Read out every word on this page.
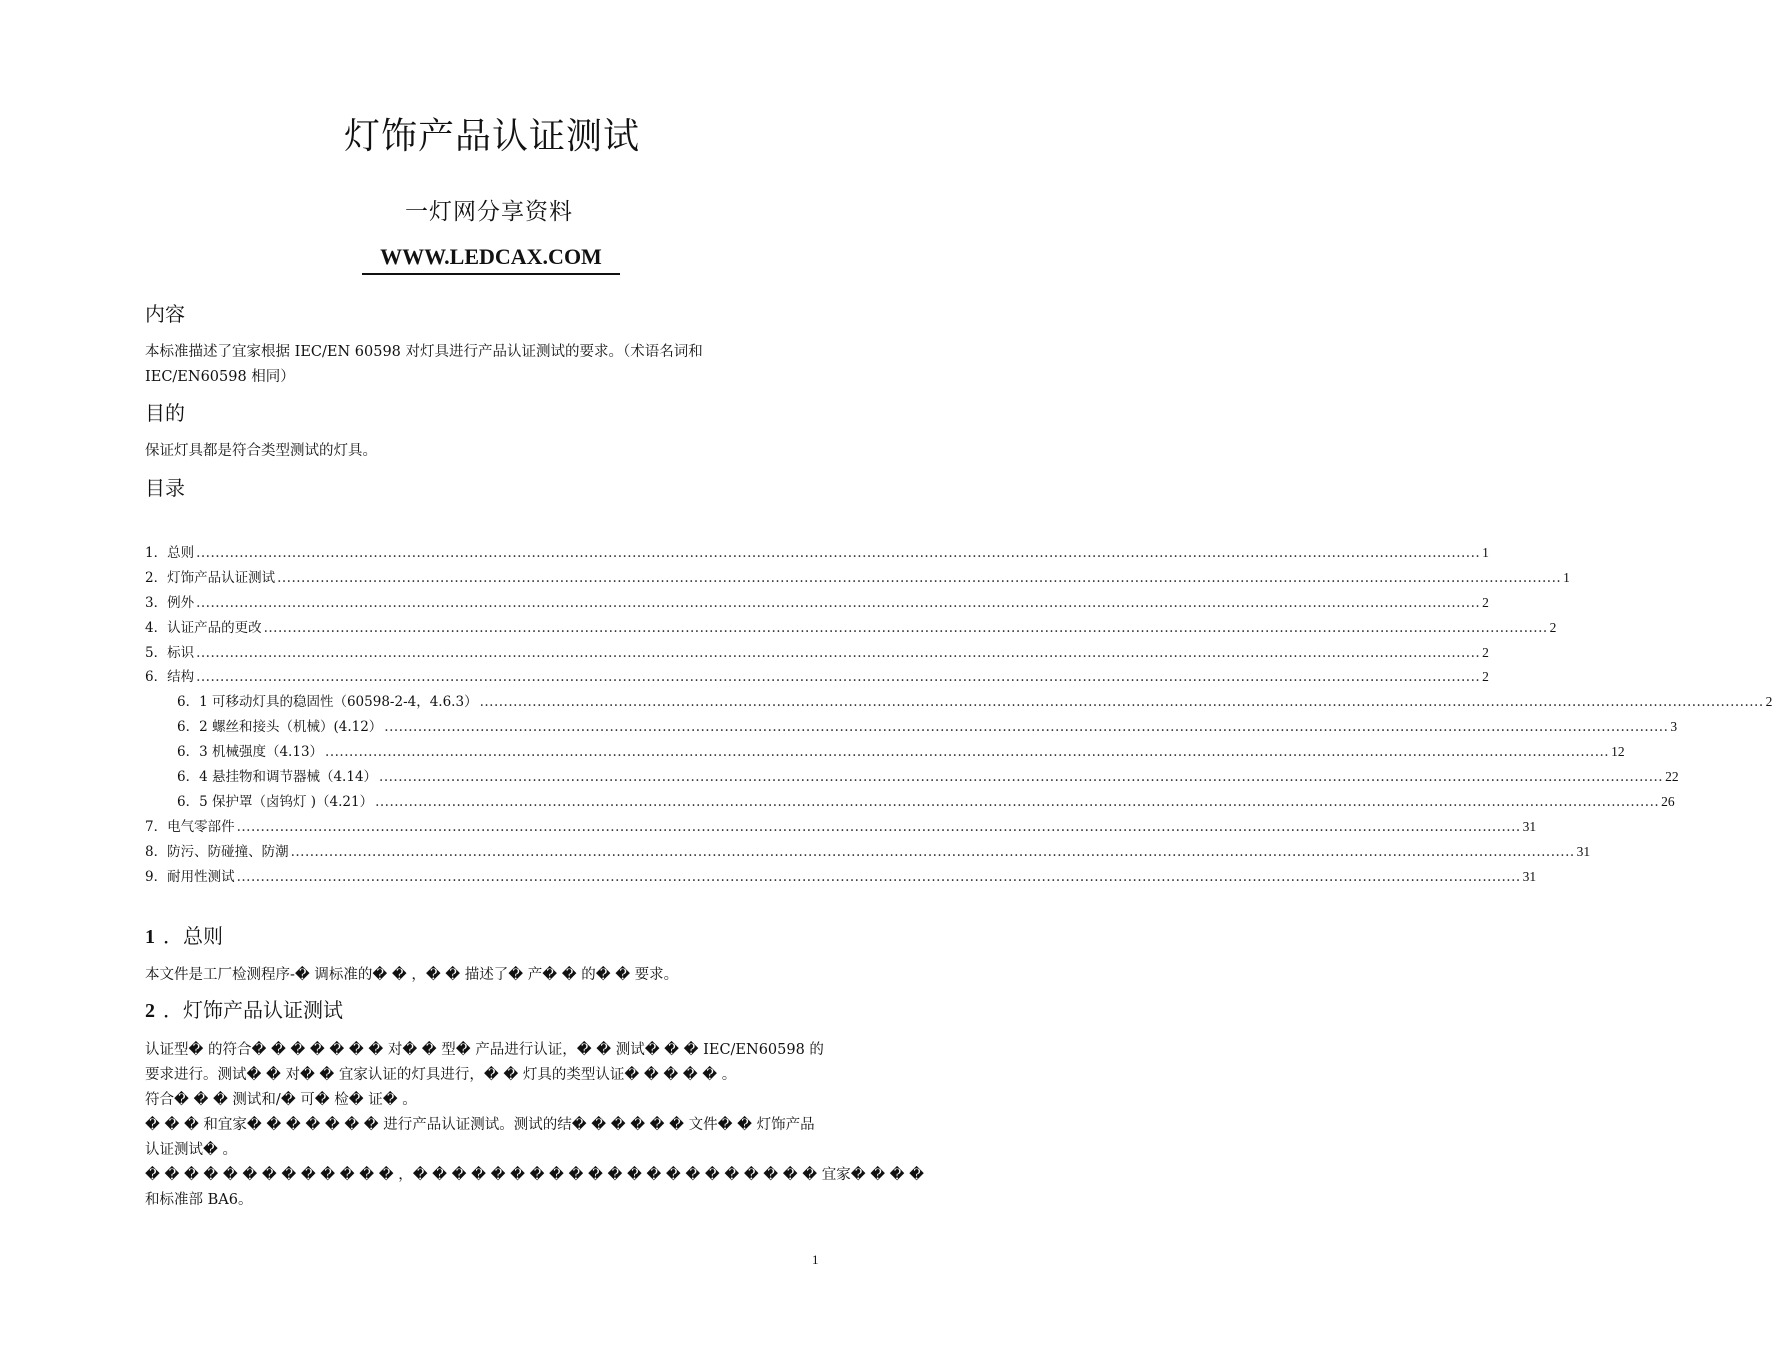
灯饰产品认证测试
一灯网分享资料
WWW.LEDCAX.COM
内容
本标准描述了宜家根据 IEC/EN 60598 对灯具进行产品认证测试的要求。（术语名词和
IEC/EN60598 相同）
目的
保证灯具都是符合类型测试的灯具。
目录
1．总则 .....	1
2．灯饰产品认证测试 .....	1
3．例外 .....	2
4．认证产品的更改 .....	2
5．标识 .....	2
6．结构 .....	2
6．1 可移动灯具的稳固性（60598-2-4，4.6.3） .....	2
6．2 螺丝和接头（机械）(4.12） .....	3
6．3 机械强度（4.13） .....	12
6．4 悬挂物和调节器械（4.14） .....	22
6．5 保护罩（卤钨灯 )（4.21） .....	26
7．电气零部件 .....	31
8．防污、防碰撞、防潮 .....	31
9．耐用性测试 .....	31
1 ．总则
本文件是工厂检测程序-� 调标准的� � ，� � 描述了� 产� � 的� � 要求。
2 ．灯饰产品认证测试
认证型� 的符合� � � � � � � 对� � 型� 产品进行认证，� � 测试� � � IEC/EN60598 的
要求进行。测试� � 对� � 宜家认证的灯具进行，� � 灯具的类型认证� � � � � 。
符合� � � 测试和/� 可� 检� 证� 。
� � � 和宜家� � � � � � � 进行产品认证测试。测试的结� � � � � � 文件� � 灯饰产品
认证测试� 。
� � � � � � � � � � � � � ，� � � � � � � � � � � � � � � � � � � � � 宜家� � � �
和标准部 BA6。
1
